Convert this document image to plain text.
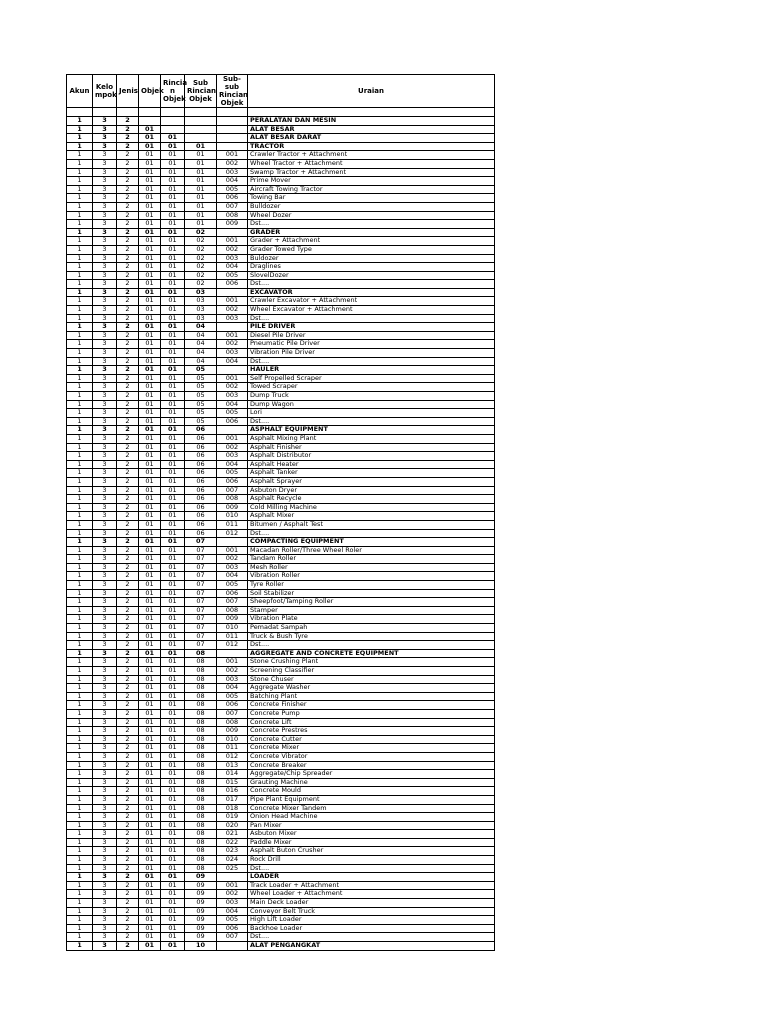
Akun	Kelo mpok	Jenis	Objek	Rincia n Objek	Sub Rincian Objek	Sub-sub Rincian Objek	Uraian

1	3	2					PERALATAN DAN MESIN
1	3	2	01				ALAT BESAR
1	3	2	01	01			ALAT BESAR DARAT
1	3	2	01	01	01		TRACTOR
1	3	2	01	01	01	001	Crawler Tractor + Attachment
1	3	2	01	01	01	002	Wheel Tractor + Attachment
1	3	2	01	01	01	003	Swamp Tractor + Attachment
1	3	2	01	01	01	004	Prime Mover
1	3	2	01	01	01	005	Aircraft Towing Tractor
1	3	2	01	01	01	006	Towing Bar
1	3	2	01	01	01	007	Bulldozer
1	3	2	01	01	01	008	Wheel Dozer
1	3	2	01	01	01	009	Dst....
1	3	2	01	01	02		GRADER
1	3	2	01	01	02	001	Grader + Attachment
1	3	2	01	01	02	002	Grader Towed Type
1	3	2	01	01	02	003	Buldozer
1	3	2	01	01	02	004	Draglines
1	3	2	01	01	02	005	SlovelDozer
1	3	2	01	01	02	006	Dst....
1	3	2	01	01	03		EXCAVATOR
1	3	2	01	01	03	001	Crawler Excavator + Attachment
1	3	2	01	01	03	002	Wheel Excavator + Attachment
1	3	2	01	01	03	003	Dst....
1	3	2	01	01	04		PILE DRIVER
1	3	2	01	01	04	001	Diesel Pile Driver
1	3	2	01	01	04	002	Pneumatic Pile Driver
1	3	2	01	01	04	003	Vibration Pile Driver
1	3	2	01	01	04	004	Dst....
1	3	2	01	01	05		HAULER
1	3	2	01	01	05	001	Self Propelled Scraper
1	3	2	01	01	05	002	Towed Scraper
1	3	2	01	01	05	003	Dump Truck
1	3	2	01	01	05	004	Dump Wagon
1	3	2	01	01	05	005	Lori
1	3	2	01	01	05	006	Dst....
1	3	2	01	01	06		ASPHALT EQUIPMENT
1	3	2	01	01	06	001	Asphalt Mixing Plant
1	3	2	01	01	06	002	Asphalt Finisher
1	3	2	01	01	06	003	Asphalt Distributor
1	3	2	01	01	06	004	Asphalt Heater
1	3	2	01	01	06	005	Asphalt Tanker
1	3	2	01	01	06	006	Asphalt Sprayer
1	3	2	01	01	06	007	Asbuton Dryer
1	3	2	01	01	06	008	Asphalt Recycle
1	3	2	01	01	06	009	Cold Milling Machine
1	3	2	01	01	06	010	Asphalt Mixer
1	3	2	01	01	06	011	Bitumen / Asphalt Test
1	3	2	01	01	06	012	Dst....
1	3	2	01	01	07		COMPACTING EQUIPMENT
1	3	2	01	01	07	001	Macadan Roller/Three Wheel Roler
1	3	2	01	01	07	002	Tandam Roller
1	3	2	01	01	07	003	Mesh Roller
1	3	2	01	01	07	004	Vibration Roller
1	3	2	01	01	07	005	Tyre Roller
1	3	2	01	01	07	006	Soil Stabilizer
1	3	2	01	01	07	007	Sheepfoot/Tamping Roller
1	3	2	01	01	07	008	Stamper
1	3	2	01	01	07	009	Vibration Plate
1	3	2	01	01	07	010	Pemadat Sampah
1	3	2	01	01	07	011	Truck & Bush Tyre
1	3	2	01	01	07	012	Dst....
1	3	2	01	01	08		AGGREGATE AND CONCRETE EQUIPMENT
1	3	2	01	01	08	001	Stone Crushing Plant
1	3	2	01	01	08	002	Screening Classifier
1	3	2	01	01	08	003	Stone Chuser
1	3	2	01	01	08	004	Aggregate Washer
1	3	2	01	01	08	005	Batching Plant
1	3	2	01	01	08	006	Concrete Finisher
1	3	2	01	01	08	007	Concrete Pump
1	3	2	01	01	08	008	Concrete Lift
1	3	2	01	01	08	009	Concrete Prestres
1	3	2	01	01	08	010	Concrete Cutter
1	3	2	01	01	08	011	Concrete Mixer
1	3	2	01	01	08	012	Concrete Vibrator
1	3	2	01	01	08	013	Concrete Breaker
1	3	2	01	01	08	014	Aggregate/Chip Spreader
1	3	2	01	01	08	015	Grauting Machine
1	3	2	01	01	08	016	Concrete Mould
1	3	2	01	01	08	017	Pipe Plant Equipment
1	3	2	01	01	08	018	Concrete Mixer Tandem
1	3	2	01	01	08	019	Onion Head Machine
1	3	2	01	01	08	020	Pan Mixer
1	3	2	01	01	08	021	Asbuton Mixer
1	3	2	01	01	08	022	Paddle Mixer
1	3	2	01	01	08	023	Asphalt Buton Crusher
1	3	2	01	01	08	024	Rock Drill
1	3	2	01	01	08	025	Dst....
1	3	2	01	01	09		LOADER
1	3	2	01	01	09	001	Track Loader + Attachment
1	3	2	01	01	09	002	Wheel Loader + Attachment
1	3	2	01	01	09	003	Main Deck Loader
1	3	2	01	01	09	004	Conveyor Belt Truck
1	3	2	01	01	09	005	High Lift Loader
1	3	2	01	01	09	006	Backhoe Loader
1	3	2	01	01	09	007	Dst....
1	3	2	01	01	10		ALAT PENGANGKAT
